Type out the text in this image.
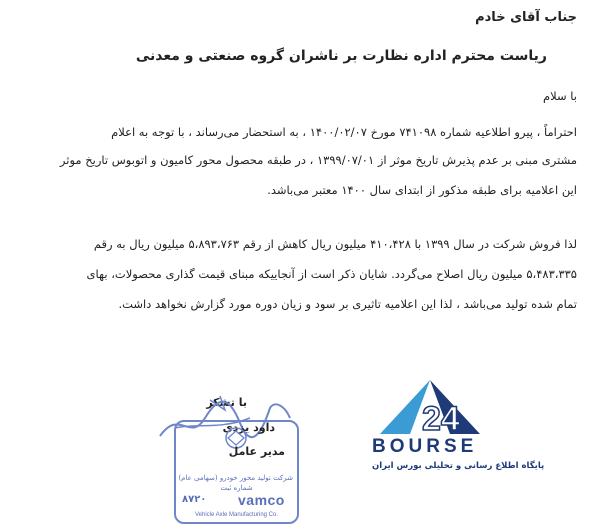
جناب آقای خادم
ریاست محترم اداره نظارت بر ناشران گروه صنعتی و معدنی
با سلام
احتراماً ، پیرو اطلاعیه شماره ۷۴۱۰۹۸ مورخ ۱۴۰۰/۰۲/۰۷ ، به استحضار می‌رساند ، با توجه به اعلام
مشتری مبنی بر عدم پذیرش تاریخ موثر از ۱۳۹۹/۰۷/۰۱ ، در طبقه محصول محور کامیون و اتوبوس تاریخ موثر
این اعلامیه برای طبقه مذکور از ابتدای سال ۱۴۰۰ معتبر می‌باشد.
لذا فروش شرکت در سال ۱۳۹۹ با ۴۱۰،۴۲۸ میلیون ریال کاهش از رقم ۵،۸۹۳،۷۶۳ میلیون ریال به رقم
۵،۴۸۳،۳۳۵ میلیون ریال اصلاح می‌گردد. شایان ذکر است از آنجاییکه مبنای قیمت گذاری محصولات، بهای
تمام شده تولید می‌باشد ، لذا این اعلامیه تاثیری بر سود و زیان دوره مورد گزارش نخواهد داشت.
با تشکر
داود یزدی
شرکت تولید محور خودرو (سهامی عام)
شماره ثبت
۸۷۲۰ vamco
Vehicle Axle Manufacturing Co.
مدیر عامل
24
BOURSE
پایگاه اطلاع رسانی و تحلیلی بورس ایران
